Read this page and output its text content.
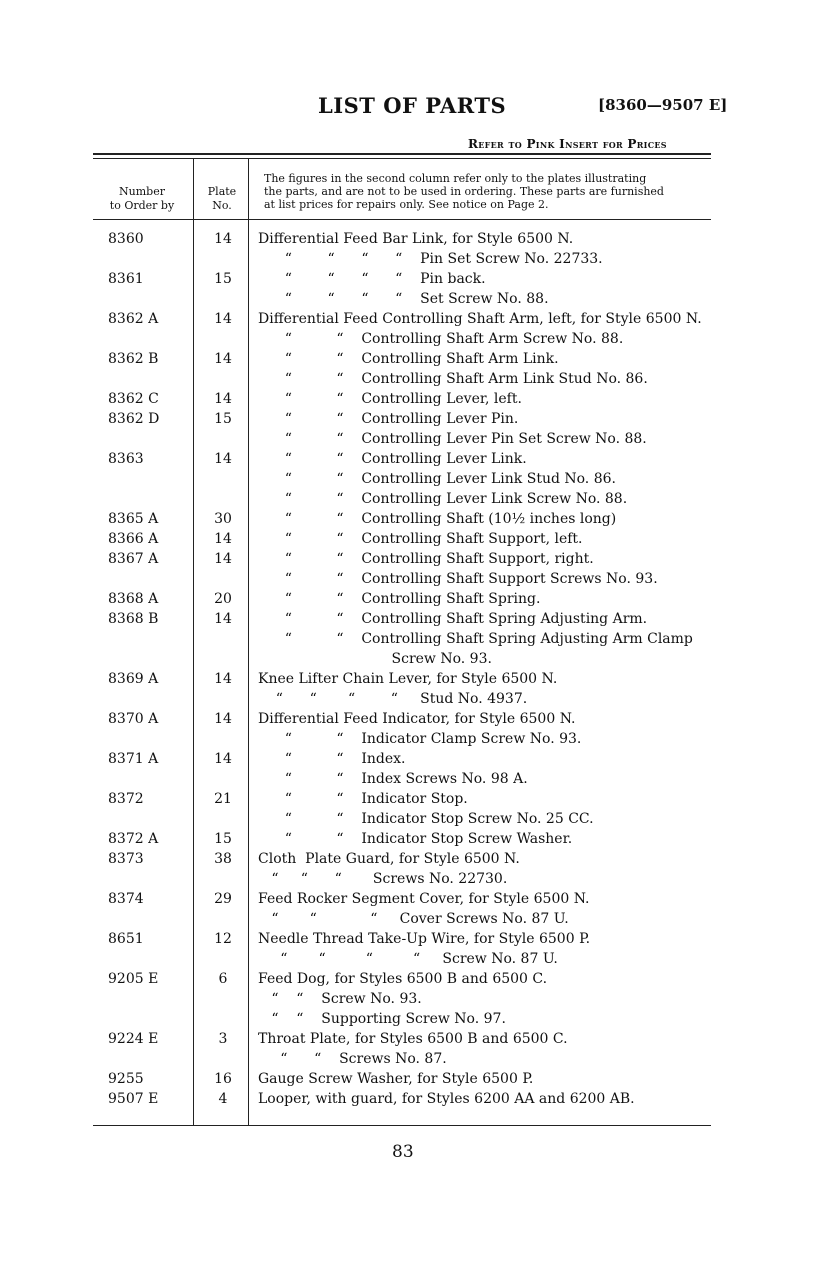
LIST OF PARTS	[8360—9507 E]
Refer to Pink Insert for Prices
Number
to Order by
Plate
No.
The figures in the second column refer only to the plates illustrating
the parts, and are not to be used in ordering. These parts are furnished
at list prices for repairs only. See notice on Page 2.
8360	14	Differential Feed Bar Link, for Style 6500 N.
“        “      “      “    Pin Set Screw No. 22733.
8361	15	“        “      “      “    Pin back.
“        “      “      “    Set Screw No. 88.
8362 A	14	Differential Feed Controlling Shaft Arm, left, for Style 6500 N.
“          “    Controlling Shaft Arm Screw No. 88.
8362 B	14	“          “    Controlling Shaft Arm Link.
“          “    Controlling Shaft Arm Link Stud No. 86.
8362 C	14	“          “    Controlling Lever, left.
8362 D	15	“          “    Controlling Lever Pin.
“          “    Controlling Lever Pin Set Screw No. 88.
8363	14	“          “    Controlling Lever Link.
“          “    Controlling Lever Link Stud No. 86.
“          “    Controlling Lever Link Screw No. 88.
8365 A	30	“          “    Controlling Shaft (10½ inches long)
8366 A	14	“          “    Controlling Shaft Support, left.
8367 A	14	“          “    Controlling Shaft Support, right.
“          “    Controlling Shaft Support Screws No. 93.
8368 A	20	“          “    Controlling Shaft Spring.
8368 B	14	“          “    Controlling Shaft Spring Adjusting Arm.
“          “    Controlling Shaft Spring Adjusting Arm Clamp
Screw No. 93.
8369 A	14	Knee Lifter Chain Lever, for Style 6500 N.
“      “       “        “     Stud No. 4937.
8370 A	14	Differential Feed Indicator, for Style 6500 N.
“          “    Indicator Clamp Screw No. 93.
8371 A	14	“          “    Index.
“          “    Index Screws No. 98 A.
8372	21	“          “    Indicator Stop.
“          “    Indicator Stop Screw No. 25 CC.
8372 A	15	“          “    Indicator Stop Screw Washer.
8373	38	Cloth  Plate Guard, for Style 6500 N.
“     “      “       Screws No. 22730.
8374	29	Feed Rocker Segment Cover, for Style 6500 N.
“       “            “     Cover Screws No. 87 U.
8651	12	Needle Thread Take-Up Wire, for Style 6500 P.
“       “         “         “     Screw No. 87 U.
9205 E	6	Feed Dog, for Styles 6500 B and 6500 C.
“    “    Screw No. 93.
“    “    Supporting Screw No. 97.
9224 E	3	Throat Plate, for Styles 6500 B and 6500 C.
“      “    Screws No. 87.
9255	16	Gauge Screw Washer, for Style 6500 P.
9507 E	4	Looper, with guard, for Styles 6200 AA and 6200 AB.
83
